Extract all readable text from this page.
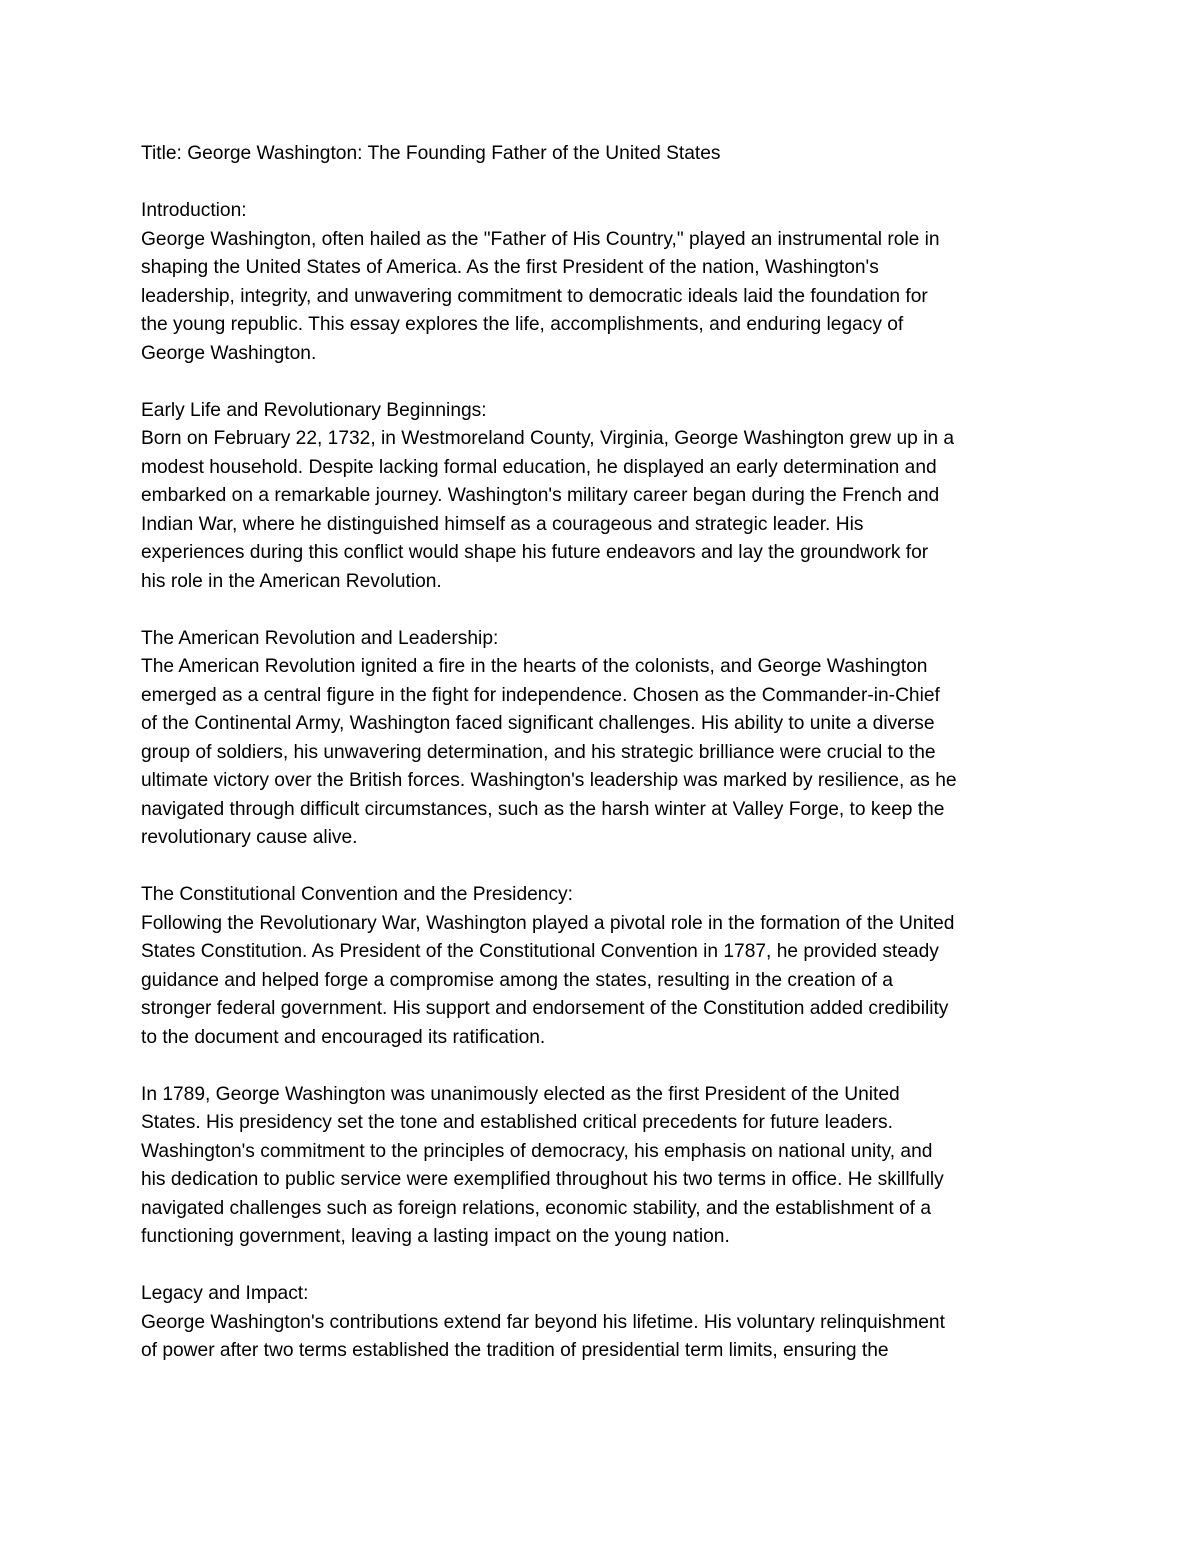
Title: George Washington: The Founding Father of the United States
Introduction:
George Washington, often hailed as the "Father of His Country," played an instrumental role in
shaping the United States of America. As the first President of the nation, Washington's
leadership, integrity, and unwavering commitment to democratic ideals laid the foundation for
the young republic. This essay explores the life, accomplishments, and enduring legacy of
George Washington.
Early Life and Revolutionary Beginnings:
Born on February 22, 1732, in Westmoreland County, Virginia, George Washington grew up in a
modest household. Despite lacking formal education, he displayed an early determination and
embarked on a remarkable journey. Washington's military career began during the French and
Indian War, where he distinguished himself as a courageous and strategic leader. His
experiences during this conflict would shape his future endeavors and lay the groundwork for
his role in the American Revolution.
The American Revolution and Leadership:
The American Revolution ignited a fire in the hearts of the colonists, and George Washington
emerged as a central figure in the fight for independence. Chosen as the Commander-in-Chief
of the Continental Army, Washington faced significant challenges. His ability to unite a diverse
group of soldiers, his unwavering determination, and his strategic brilliance were crucial to the
ultimate victory over the British forces. Washington's leadership was marked by resilience, as he
navigated through difficult circumstances, such as the harsh winter at Valley Forge, to keep the
revolutionary cause alive.
The Constitutional Convention and the Presidency:
Following the Revolutionary War, Washington played a pivotal role in the formation of the United
States Constitution. As President of the Constitutional Convention in 1787, he provided steady
guidance and helped forge a compromise among the states, resulting in the creation of a
stronger federal government. His support and endorsement of the Constitution added credibility
to the document and encouraged its ratification.
In 1789, George Washington was unanimously elected as the first President of the United
States. His presidency set the tone and established critical precedents for future leaders.
Washington's commitment to the principles of democracy, his emphasis on national unity, and
his dedication to public service were exemplified throughout his two terms in office. He skillfully
navigated challenges such as foreign relations, economic stability, and the establishment of a
functioning government, leaving a lasting impact on the young nation.
Legacy and Impact:
George Washington's contributions extend far beyond his lifetime. His voluntary relinquishment
of power after two terms established the tradition of presidential term limits, ensuring the
